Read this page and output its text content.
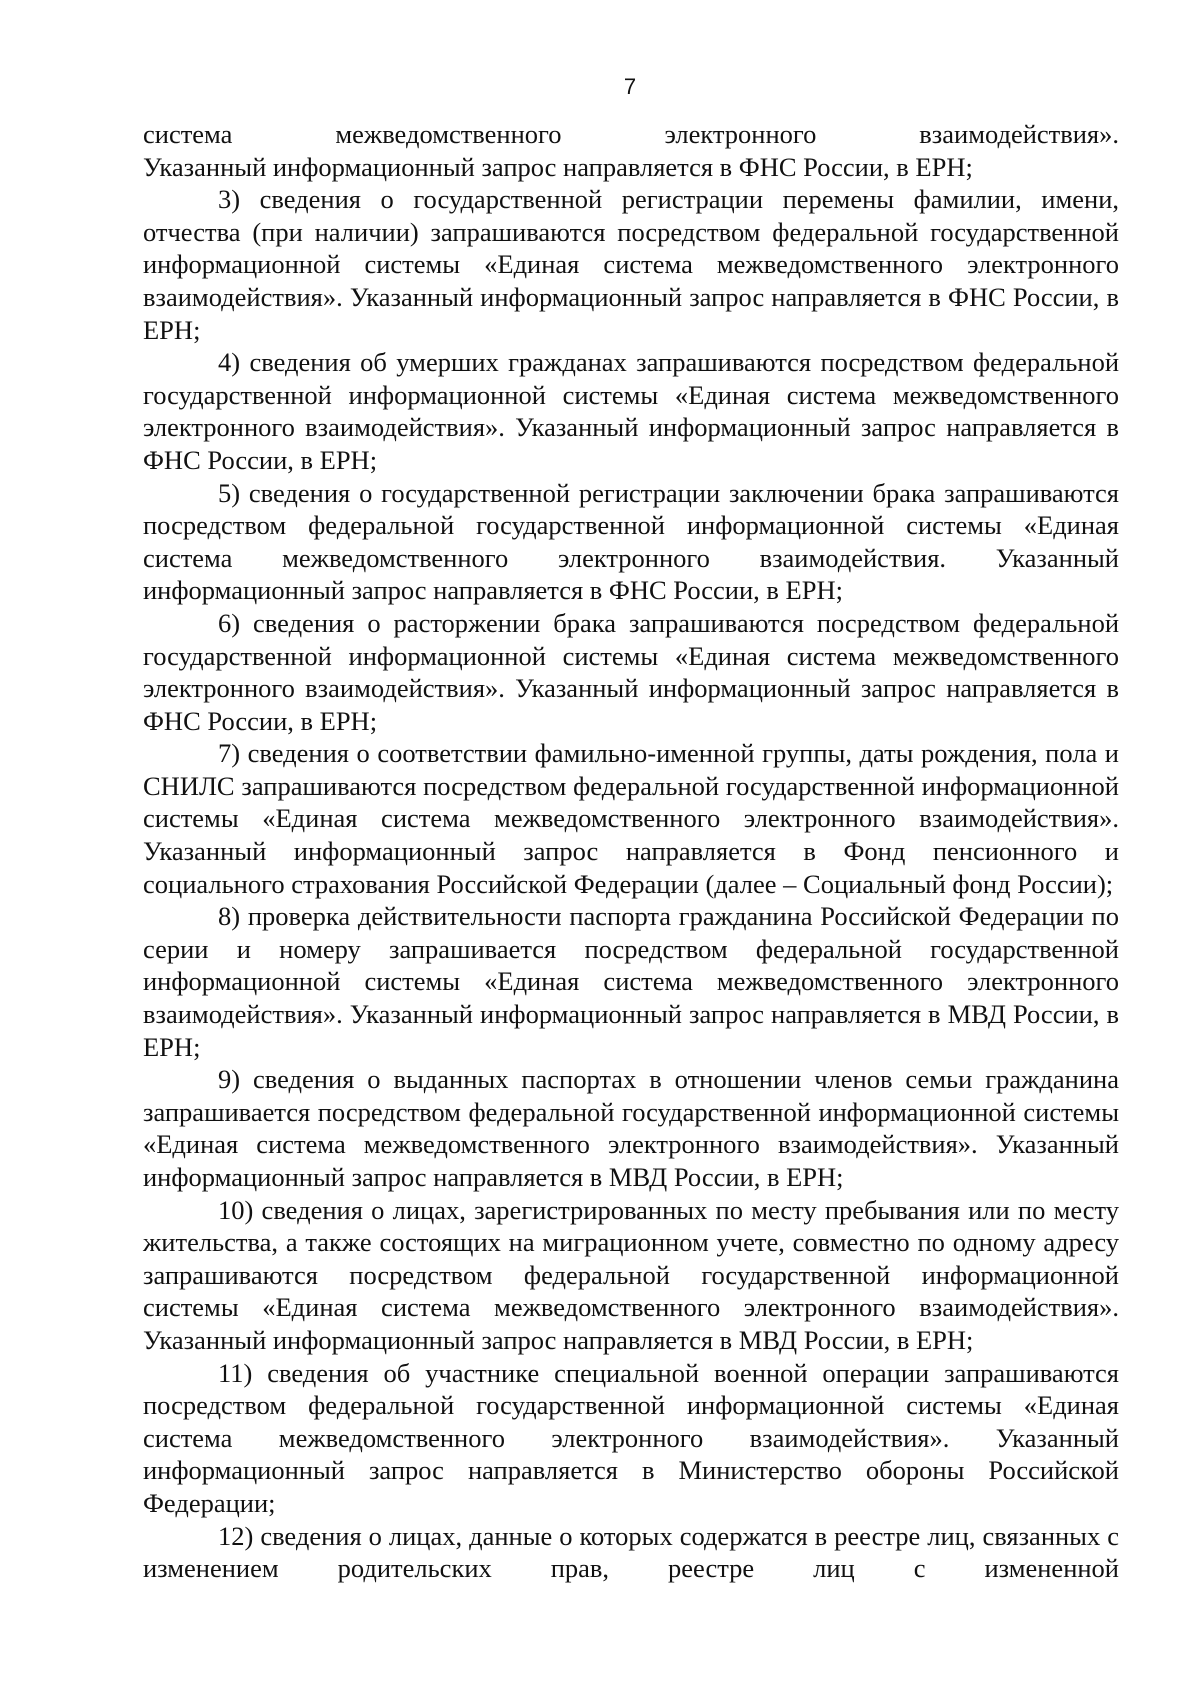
7

система межведомственного электронного взаимодействия».

Указанный информационный запрос направляется в ФНС России, в ЕРН;

3) сведения о государственной регистрации перемены фамилии, имени, отчества (при наличии) запрашиваются посредством федеральной государственной информационной системы «Единая система межведомственного электронного взаимодействия». Указанный информационный запрос направляется в ФНС России, в ЕРН;

4) сведения об умерших гражданах запрашиваются посредством федеральной государственной информационной системы «Единая система межведомственного электронного взаимодействия». Указанный информационный запрос направляется в ФНС России, в ЕРН;

5) сведения о государственной регистрации заключении брака запрашиваются посредством федеральной государственной информационной системы «Единая система межведомственного электронного взаимодействия. Указанный информационный запрос направляется в ФНС России, в ЕРН;

6) сведения о расторжении брака запрашиваются посредством федеральной государственной информационной системы «Единая система межведомственного электронного взаимодействия». Указанный информационный запрос направляется в ФНС России, в ЕРН;

7) сведения о соответствии фамильно-именной группы, даты рождения, пола и СНИЛС запрашиваются посредством федеральной государственной информационной системы «Единая система межведомственного электронного взаимодействия». Указанный информационный запрос направляется в Фонд пенсионного и социального страхования Российской Федерации (далее – Социальный фонд России);

8) проверка действительности паспорта гражданина Российской Федерации по серии и номеру запрашивается посредством федеральной государственной информационной системы «Единая система межведомственного электронного взаимодействия». Указанный информационный запрос направляется в МВД России, в ЕРН;

9) сведения о выданных паспортах в отношении членов семьи гражданина запрашивается посредством федеральной государственной информационной системы «Единая система межведомственного электронного взаимодействия». Указанный информационный запрос направляется в МВД России, в ЕРН;

10) сведения о лицах, зарегистрированных по месту пребывания или по месту жительства, а также состоящих на миграционном учете, совместно по одному адресу запрашиваются посредством федеральной государственной информационной системы «Единая система межведомственного электронного взаимодействия». Указанный информационный запрос направляется в МВД России, в ЕРН;

11) сведения об участнике специальной военной операции запрашиваются посредством федеральной государственной информационной системы «Единая система межведомственного электронного взаимодействия». Указанный информационный запрос направляется в Министерство обороны Российской Федерации;

12) сведения о лицах, данные о которых содержатся в реестре лиц, связанных с изменением родительских прав, реестре лиц с измененной
